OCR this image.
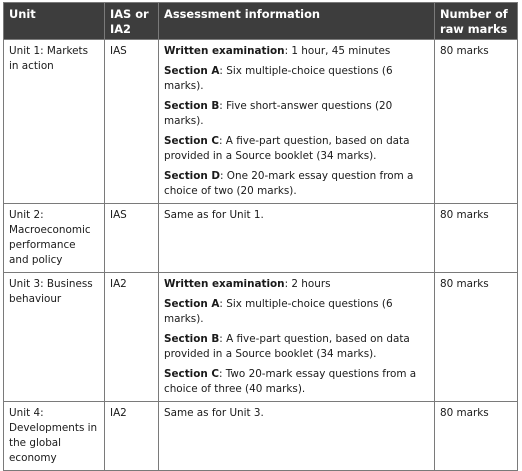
Unit	IAS or IA2	Assessment information	Number of raw marks
Unit 1: Markets in action	IAS	Written examination: 1 hour, 45 minutes

Section A: Six multiple-choice questions (6 marks).

Section B: Five short-answer questions (20 marks).

Section C: A five-part question, based on data provided in a Source booklet (34 marks).

Section D: One 20-mark essay question from a choice of two (20 marks).	80 marks
Unit 2: Macroeconomic performance and policy	IAS	Same as for Unit 1.	80 marks
Unit 3: Business behaviour	IA2	Written examination: 2 hours

Section A: Six multiple-choice questions (6 marks).

Section B: A five-part question, based on data provided in a Source booklet (34 marks).

Section C: Two 20-mark essay questions from a choice of three (40 marks).	80 marks
Unit 4: Developments in the global economy	IA2	Same as for Unit 3.	80 marks
